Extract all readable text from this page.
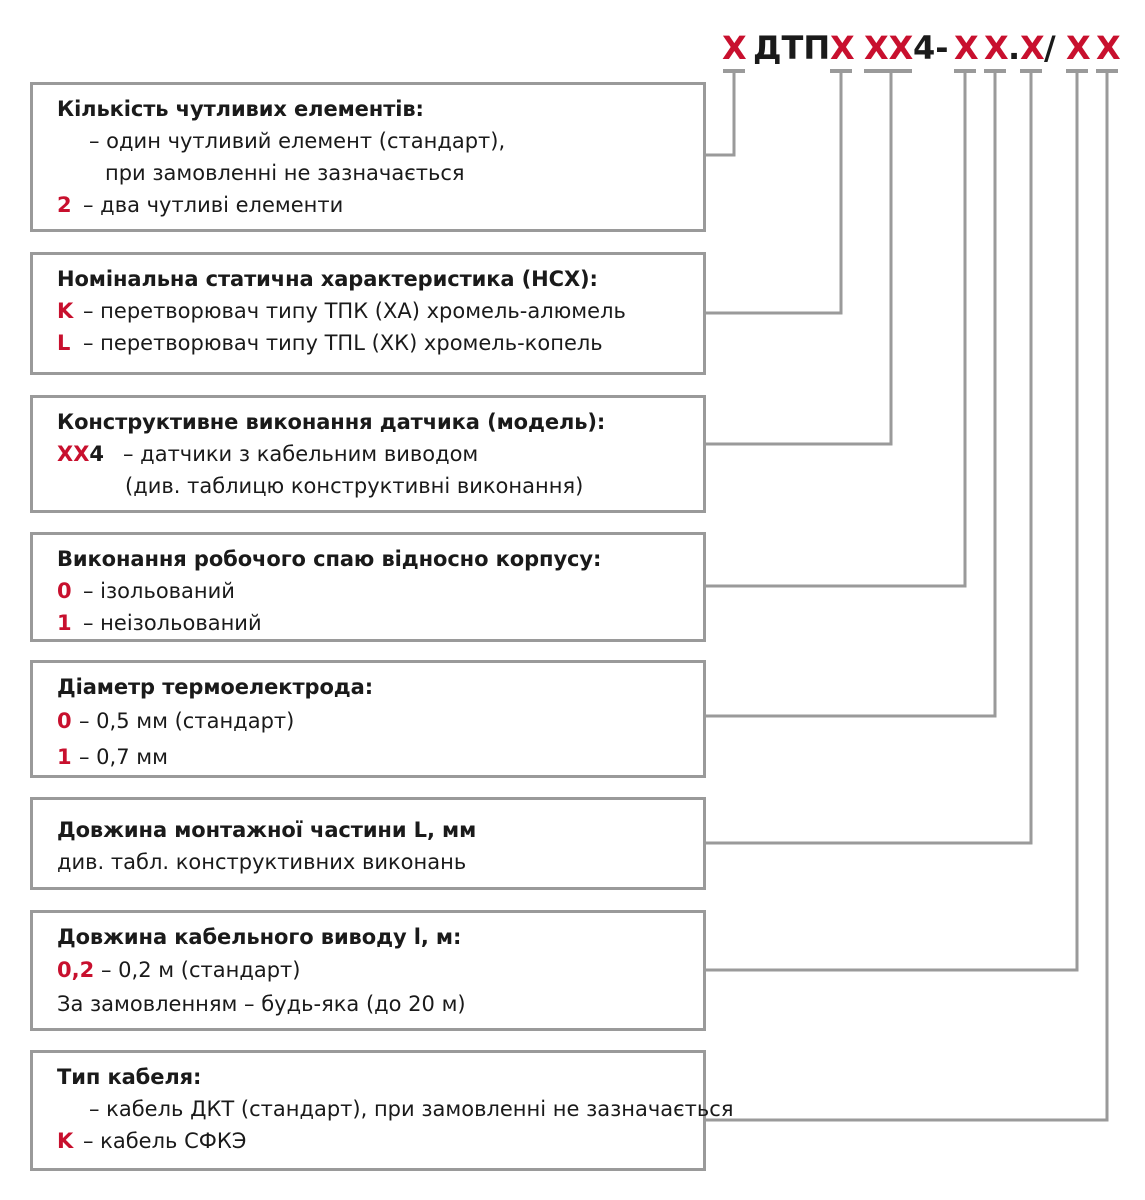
X ДТП X XX 4- X X . X / X X
Кількість чутливих елементів:
– один чутливий елемент (стандарт),
при замовленні не зазначається
2 – два чутливі елементи
Номінальна статична характеристика (НСХ):
K – перетворювач типу ТПК (ХА) хромель-алюмель
L – перетворювач типу ТПL (ХК) хромель-копель
Конструктивне виконання датчика (модель):
XX4 – датчики з кабельним виводом
(див. таблицю конструктивні виконання)
Виконання робочого спаю відносно корпусу:
0 – ізольований
1 – неізольований
Діаметр термоелектрода:
0 – 0,5 мм (стандарт)
1 – 0,7 мм
Довжина монтажної частини L, мм
див. табл. конструктивних виконань
Довжина кабельного виводу l, м:
0,2 – 0,2 м (стандарт)
За замовленням – будь-яка (до 20 м)
Тип кабеля:
– кабель ДКТ (стандарт), при замовленні не зазначається
K – кабель СФКЭ
